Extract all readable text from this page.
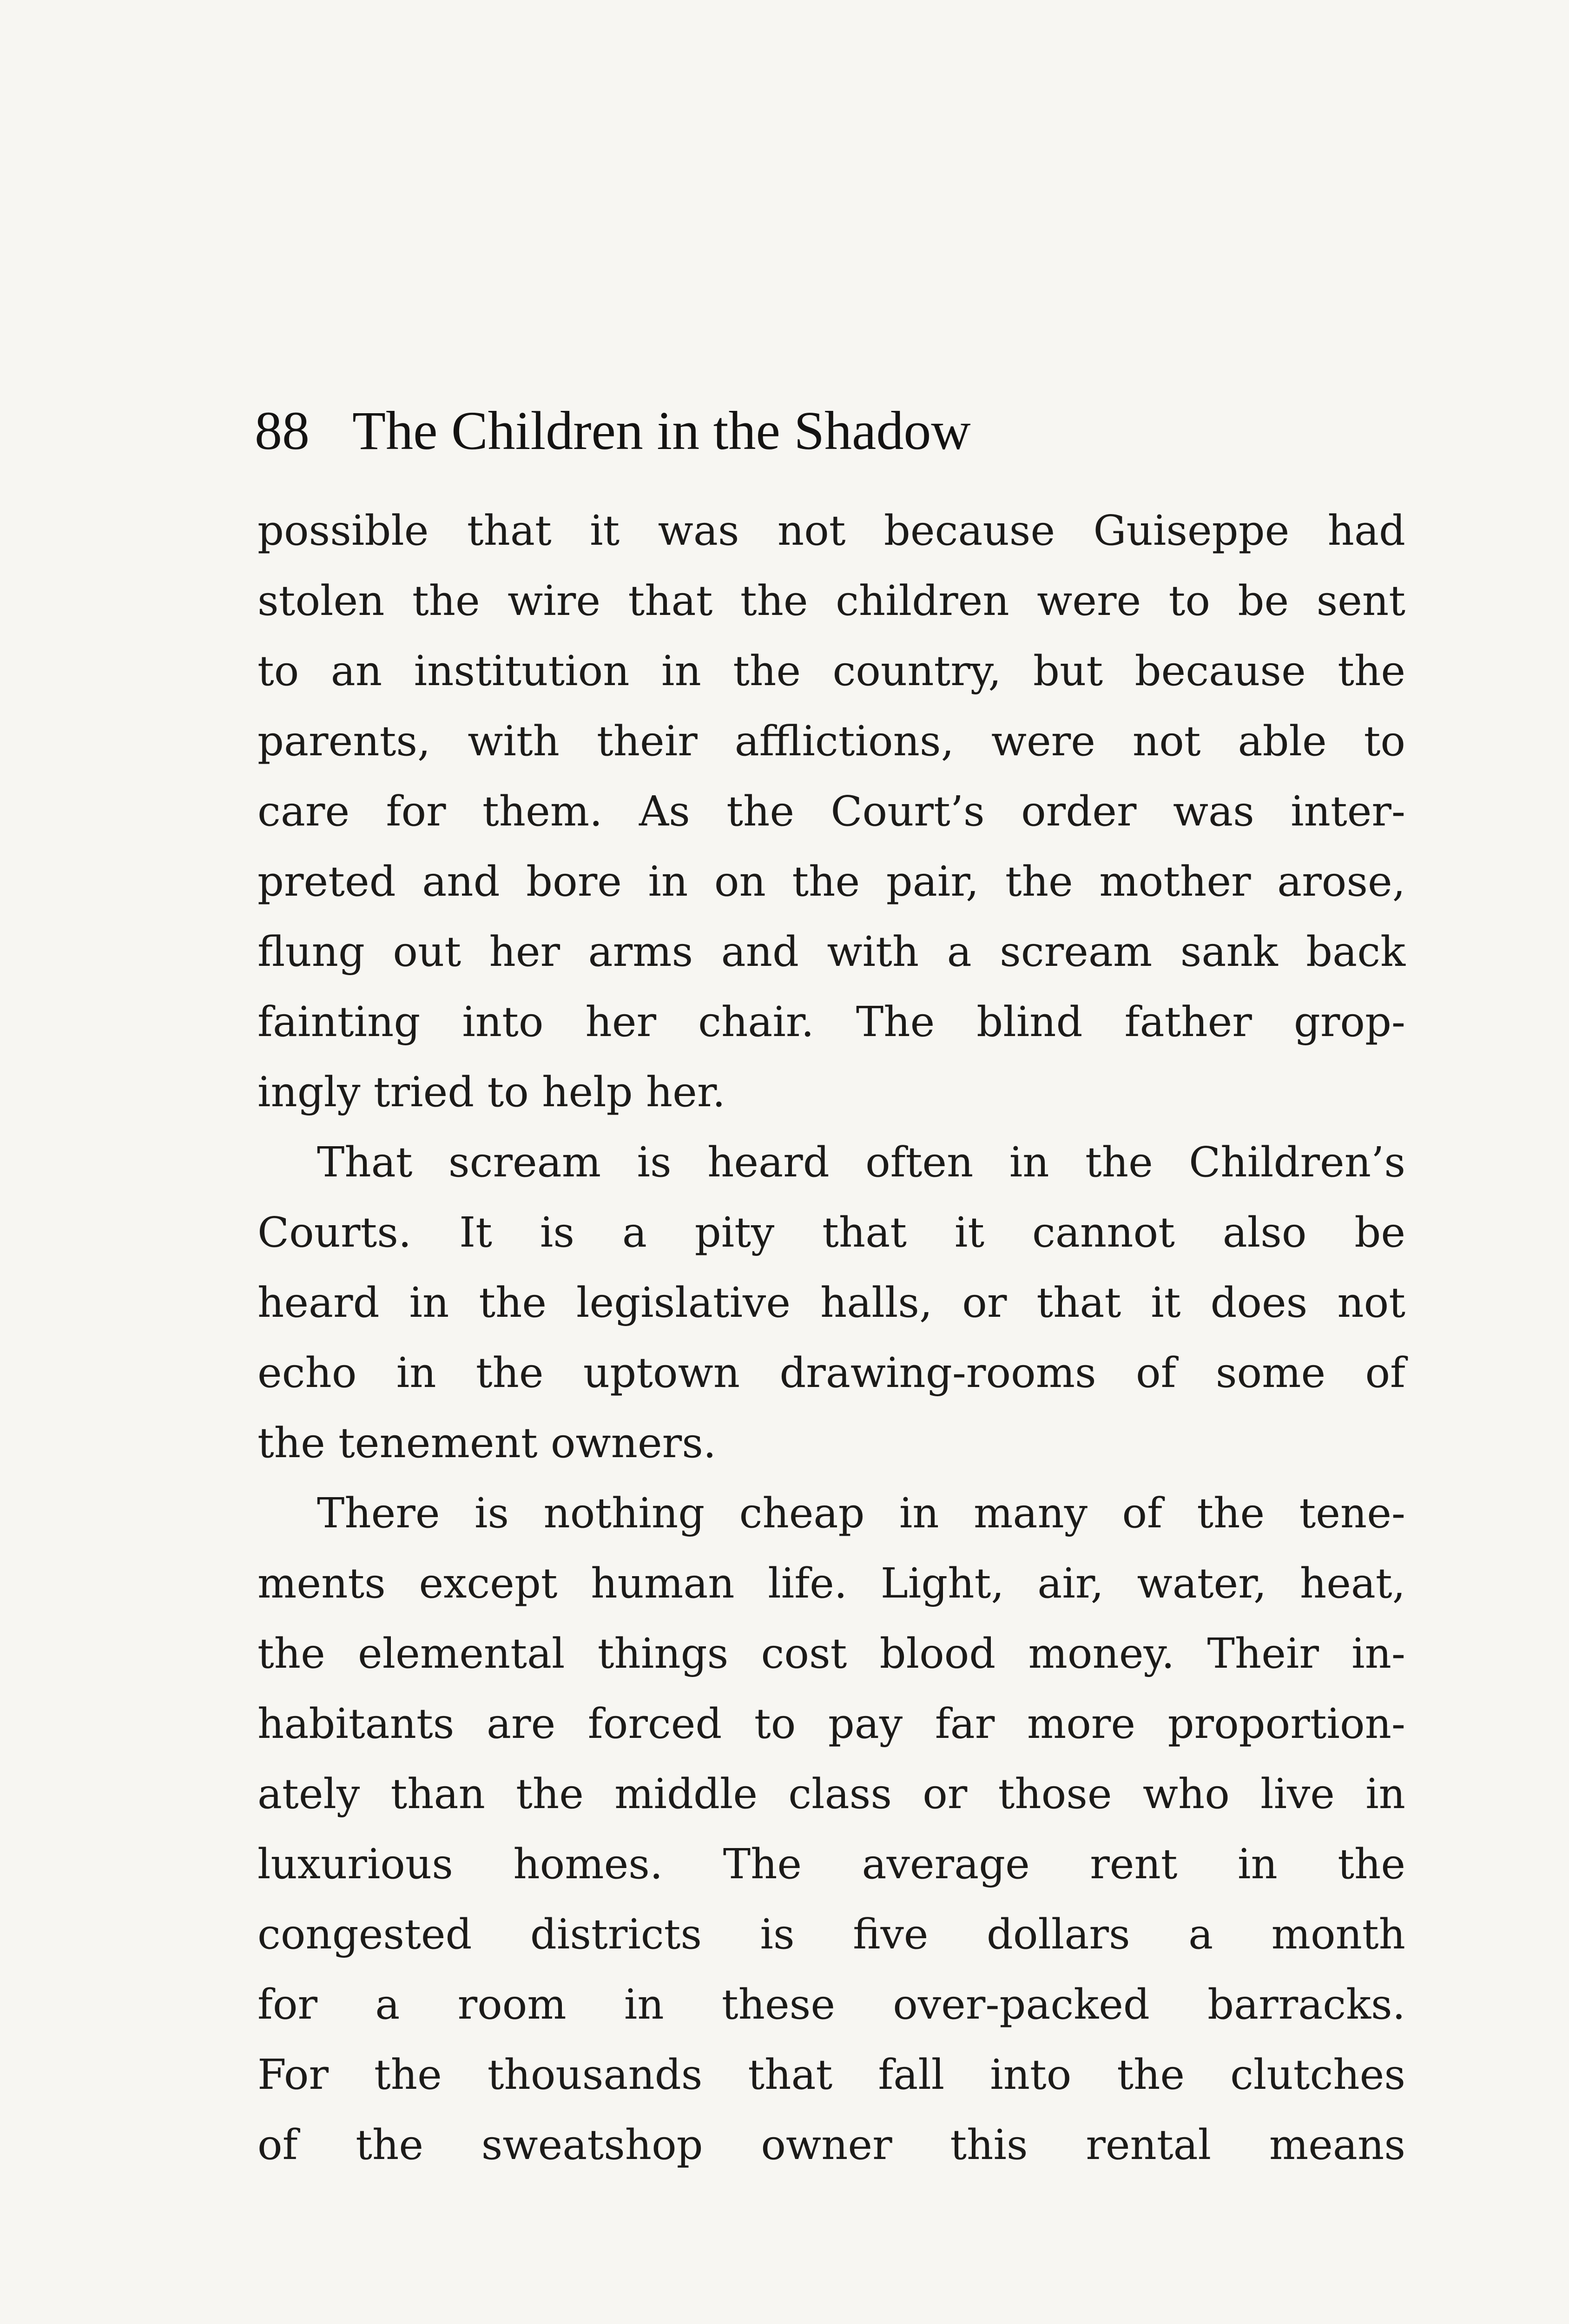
88 The Children in the Shadow
possible that it was not because Guiseppe had
stolen the wire that the children were to be sent
to an institution in the country, but because the
parents, with their afflictions, were not able to
care for them. As the Court’s order was inter-
preted and bore in on the pair, the mother arose,
flung out her arms and with a scream sank back
fainting into her chair. The blind father grop-
ingly tried to help her.
That scream is heard often in the Children’s
Courts. It is a pity that it cannot also be
heard in the legislative halls, or that it does not
echo in the uptown drawing-rooms of some of
the tenement owners.
There is nothing cheap in many of the tene-
ments except human life. Light, air, water, heat,
the elemental things cost blood money. Their in-
habitants are forced to pay far more proportion-
ately than the middle class or those who live in
luxurious homes. The average rent in the
congested districts is five dollars a month
for a room in these over-packed barracks.
For the thousands that fall into the clutches
of the sweatshop owner this rental means
